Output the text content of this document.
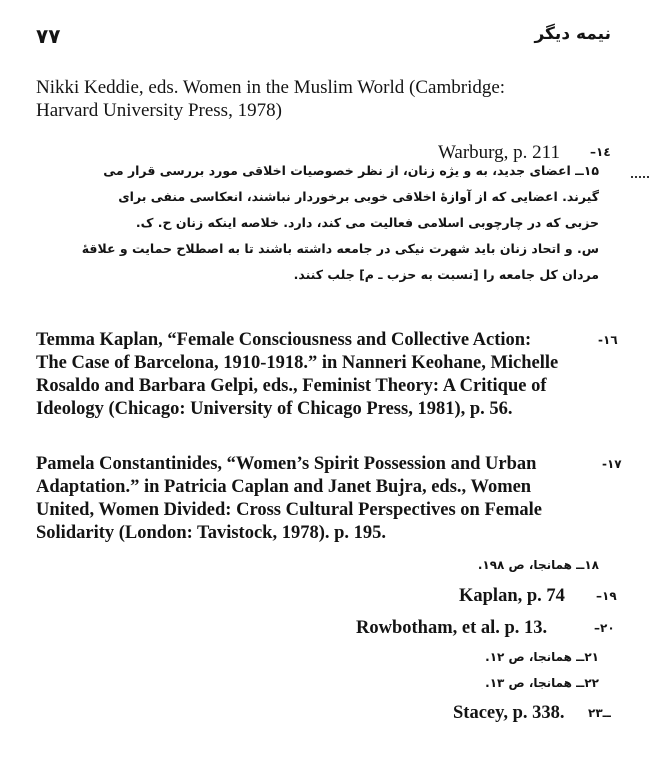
۷۷	نیمه دیگر
Nikki Keddie, eds. Women in the Muslim World (Cambridge:
Harvard University Press, 1978)
Warburg, p. 211	–۱٤
۱۵ــ اعضای جدید، به و یژه زنان، از نظر خصوصیات اخلاقی مورد بررسی قرار می
گیرند. اعضایی که از آوازهٔ اخلاقی خوبی برخوردار نباشند، انعکاسی منفی برای
حزبی که در چارچوبی اسلامی فعالیت می کند، دارد. خلاصه اینکه زنان ح. ک.
س. و اتحاد زنان باید شهرت نیکی در جامعه داشته باشند تا به اصطلاح حمایت و علاقهٔ
مردان کل جامعه را [نسبت به حزب ـ م] جلب کنند.
Temma Kaplan, “Female Consciousness and Collective Action:	-۱٦
The Case of Barcelona, 1910-1918.” in Nanneri Keohane, Michelle
Rosaldo and Barbara Gelpi, eds., Feminist Theory: A Critique of
Ideology (Chicago: University of Chicago Press, 1981), p. 56.
Pamela Constantinides, “Women’s Spirit Possession and Urban	-۱۷
Adaptation.” in Patricia Caplan and Janet Bujra, eds., Women
United, Women Divided: Cross Cultural Perspectives on Female
Solidarity (London: Tavistock, 1978). p. 195.
۱۸ــ همانجا، ص ۱۹۸.
Kaplan, p. 74	–۱۹
Rowbotham, et al. p. 13.	–۲۰
۲۱ــ همانجا، ص ۱۲.
۲۲ــ همانجا، ص ۱۳.
Stacey, p. 338. ــ۲۳
